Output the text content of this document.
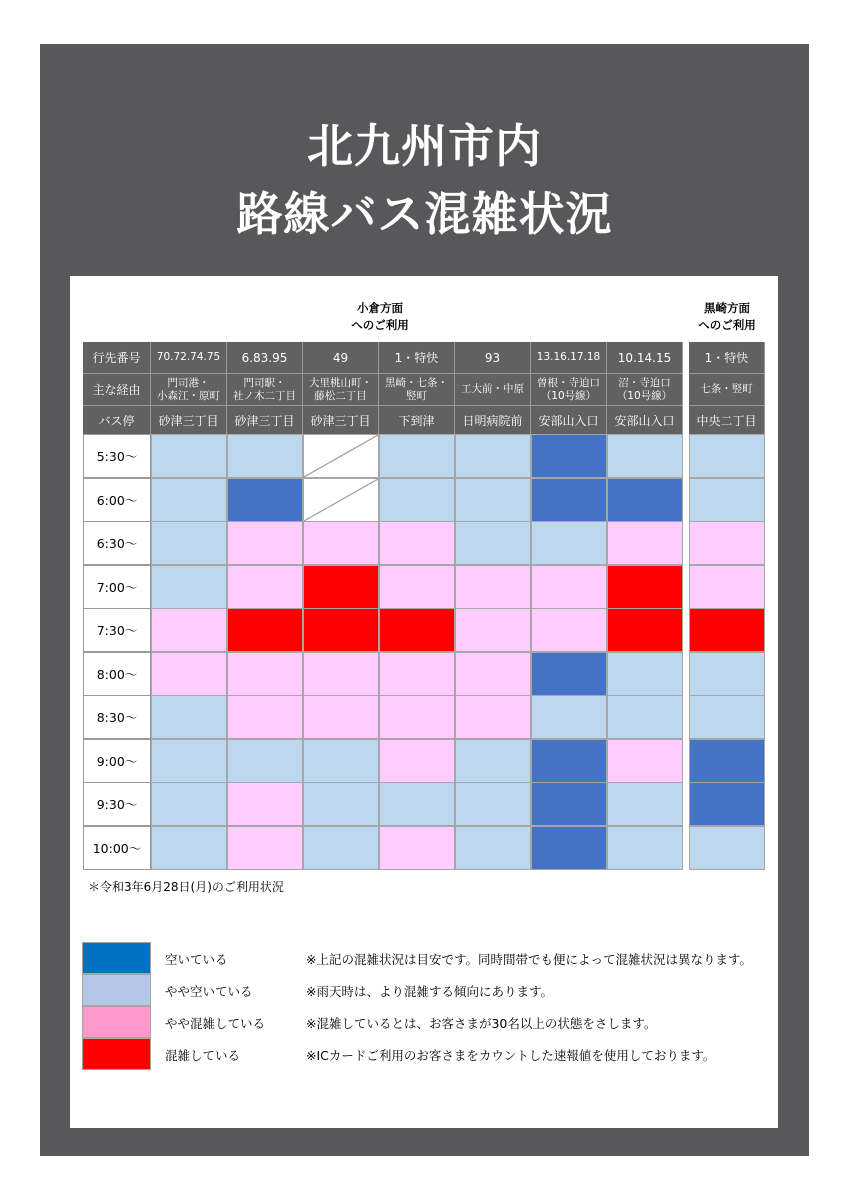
北九州市内
路線バス混雑状況
小倉方面
へのご利用
黒崎方面
へのご利用
行先番号
主な経由
バス停
70.72.74.75
門司港・
小森江・原町
砂津三丁目
6.83.95
門司駅・
社ノ木二丁目
砂津三丁目
49
大里桃山町・
藤松二丁目
砂津三丁目
1・特快
黒崎・七条・
竪町
下到津
93
工大前・中原
日明病院前
13.16.17.18
曽根・寺迫口
（10号線）
安部山入口
10.14.15
沼・寺迫口
（10号線）
安部山入口
1・特快
七条・竪町
中央二丁目
5:30～
6:00～
6:30～
7:00～
7:30～
8:00～
8:30～
9:00～
9:30～
10:00～
＊令和3年6月28日(月)のご利用状況
空いている
やや空いている
やや混雑している
混雑している
※上記の混雑状況は目安です。同時間帯でも便によって混雑状況は異なります。
※雨天時は、より混雑する傾向にあります。
※混雑しているとは、お客さまが30名以上の状態をさします。
※ICカードご利用のお客さまをカウントした速報値を使用しております。
